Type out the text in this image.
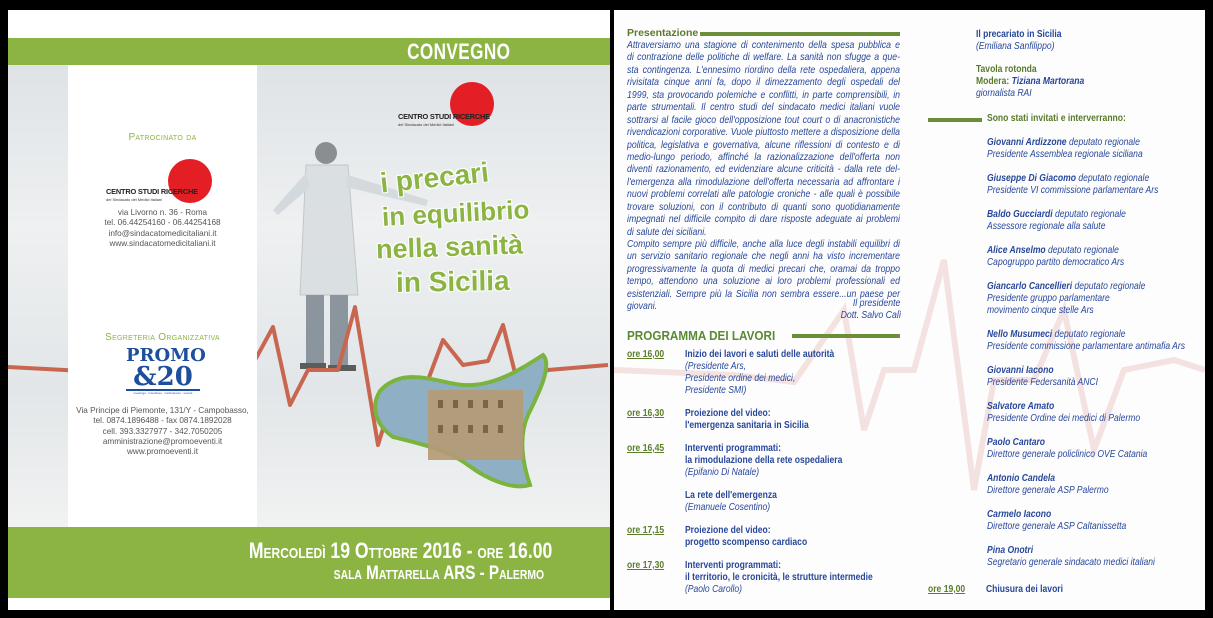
CONVEGNO
CENTRO STUDI RICERCHE
del Sindacato dei Medici Italiani
i precari
in equilibrio
nella sanità
in Sicilia
Patrocinato da
CENTRO STUDI RICERCHE
del Sindacato dei Medici Italiani
via Livorno n. 36 - Roma
tel. 06.44254160 - 06.44254168
info@sindacatomedicitaliani.it
www.sindacatomedicitaliani.it
Segreteria Organizzativa
PROMO
&20
meetings · incentives · conferences · events
Via Principe di Piemonte, 131/Y - Campobasso,
tel. 0874.1896488 - fax 0874.1892028
cell. 393.3327977 - 342.7050205
amministrazione@promoeventi.it
www.promoeventi.it
Mercoledì 19 Ottobre 2016 - ore 16.00
sala Mattarella ARS - Palermo
Presentazione
Attraversiamo una stagione di contenimento della spesa pubblica e
di contrazione delle politiche di welfare. La sanità non sfugge a que-
sta contingenza. L'ennesimo riordino della rete ospedaliera, appena
rivisitata cinque anni fa, dopo il dimezzamento degli ospedali del
1999, sta provocando polemiche e conflitti, in parte comprensibili, in
parte strumentali. Il centro studi del sindacato medici italiani vuole
sottrarsi al facile gioco dell'opposizione tout court o di anacronistiche
rivendicazioni corporative. Vuole piuttosto mettere a disposizione della
politica, legislativa e governativa, alcune riflessioni di contesto e di
medio-lungo periodo, affinché la razionalizzazione dell'offerta non
diventi razionamento, ed evidenziare alcune criticità - dalla rete del-
l'emergenza alla rimodulazione dell'offerta necessaria ad affrontare i
nuovi problemi correlati alle patologie croniche - alle quali è possibile
trovare soluzioni, con il contributo di quanti sono quotidianamente
impegnati nel difficile compito di dare risposte adeguate ai problemi
di salute dei siciliani.
Compito sempre più difficile, anche alla luce degli instabili equilibri di
un servizio sanitario regionale che negli anni ha visto incrementare
progressivamente la quota di medici precari che, oramai da troppo
tempo, attendono una soluzione ai loro problemi professionali ed
esistenziali. Sempre più la Sicilia non sembra essere...un paese per
giovani.	Il presidente
Dott. Salvo Calì
PROGRAMMA DEI LAVORI
ore 16,00 Inizio dei lavori e saluti delle autorità
(Presidente Ars,
Presidente ordine dei medici,
Presidente SMI)
ore 16,30 Proiezione del video:
l'emergenza sanitaria in Sicilia
ore 16,45 Interventi programmati:
la rimodulazione della rete ospedaliera
(Epifanio Di Natale)
La rete dell'emergenza
(Emanuele Cosentino)
ore 17,15 Proiezione del video:
progetto scompenso cardiaco
ore 17,30 Interventi programmati:
il territorio, le cronicità, le strutture intermedie
(Paolo Carollo)
Il precariato in Sicilia
(Emiliana Sanfilippo)
Tavola rotonda
Modera: Tiziana Martorana
giornalista RAI
Sono stati invitati e interverranno:
Giovanni Ardizzone deputato regionale
Presidente Assemblea regionale siciliana
Giuseppe Di Giacomo deputato regionale
Presidente VI commissione parlamentare Ars
Baldo Gucciardi deputato regionale
Assessore regionale alla salute
Alice Anselmo deputato regionale
Capogruppo partito democratico Ars
Giancarlo Cancellieri deputato regionale
Presidente gruppo parlamentare
movimento cinque stelle Ars
Nello Musumeci deputato regionale
Presidente commissione parlamentare antimafia Ars
Giovanni Iacono
Presidente Federsanità ANCI
Salvatore Amato
Presidente Ordine dei medici di Palermo
Paolo Cantaro
Direttore generale policlinico OVE Catania
Antonio Candela
Direttore generale ASP Palermo
Carmelo Iacono
Direttore generale ASP Caltanissetta
Pina Onotri
Segretario generale sindacato medici italiani
ore 19,00 Chiusura dei lavori
